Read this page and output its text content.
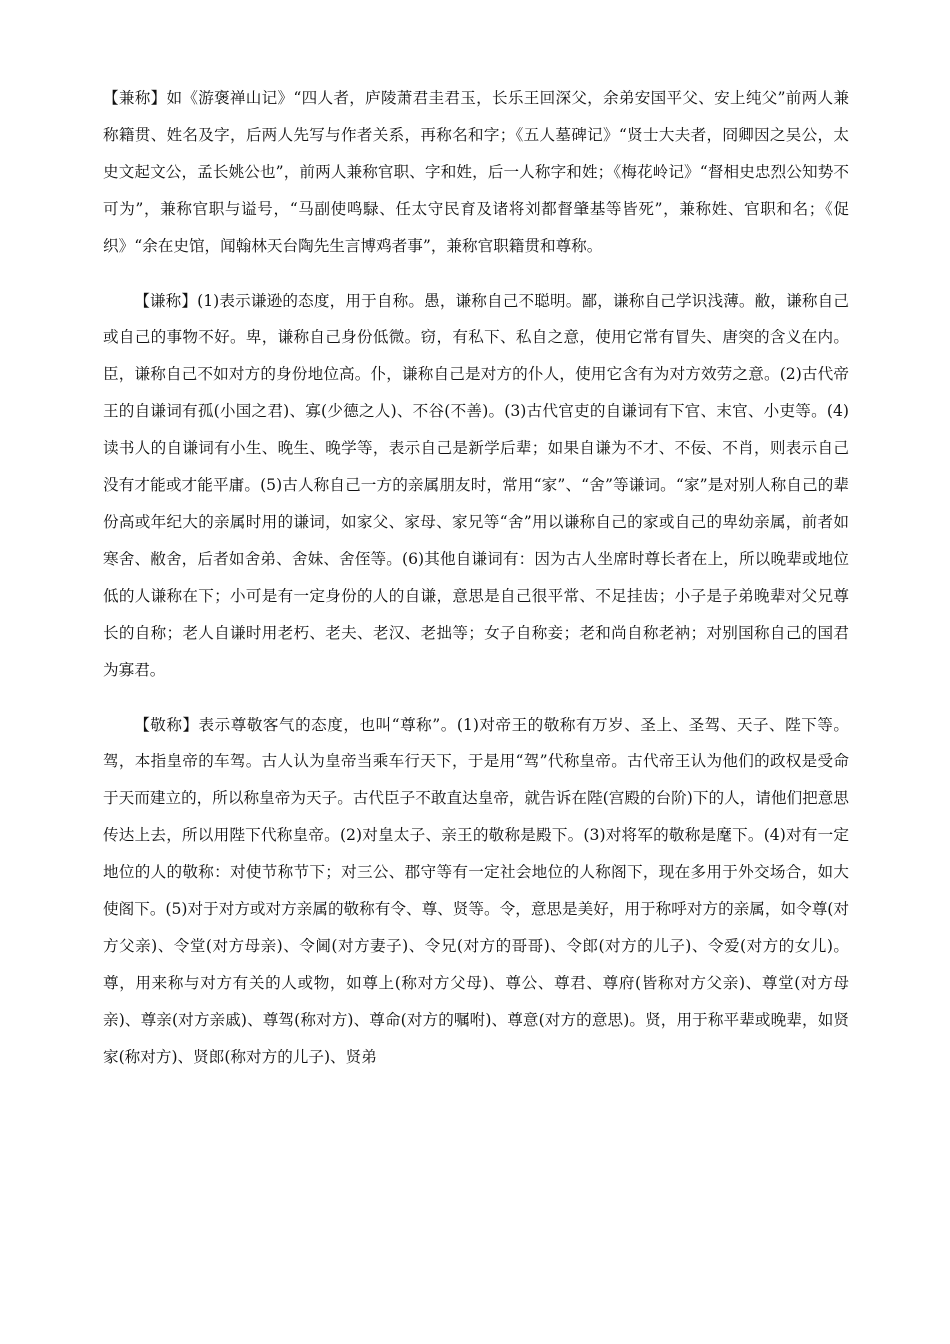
【兼称】如《游褒禅山记》“四人者，庐陵萧君圭君玉，长乐王回深父，余弟安国平父、安上纯父”前两人兼称籍贯、姓名及字，后两人先写与作者关系，再称名和字；《五人墓碑记》“贤士大夫者，冏卿因之吴公，太史文起文公，孟长姚公也”，前两人兼称官职、字和姓，后一人称字和姓；《梅花岭记》“督相史忠烈公知势不可为”，兼称官职与谥号，“马副使鸣騄、任太守民育及诸将刘都督肇基等皆死”，兼称姓、官职和名；《促织》“余在史馆，闻翰林天台陶先生言博鸡者事”，兼称官职籍贯和尊称。

【谦称】(1)表示谦逊的态度，用于自称。愚，谦称自己不聪明。鄙，谦称自己学识浅薄。敝，谦称自己或自己的事物不好。卑，谦称自己身份低微。窃，有私下、私自之意，使用它常有冒失、唐突的含义在内。臣，谦称自己不如对方的身份地位高。仆，谦称自己是对方的仆人，使用它含有为对方效劳之意。(2)古代帝王的自谦词有孤(小国之君)、寡(少德之人)、不谷(不善)。(3)古代官吏的自谦词有下官、末官、小吏等。(4)读书人的自谦词有小生、晚生、晚学等，表示自己是新学后辈；如果自谦为不才、不佞、不肖，则表示自己没有才能或才能平庸。(5)古人称自己一方的亲属朋友时，常用“家”、“舍”等谦词。“家”是对别人称自己的辈份高或年纪大的亲属时用的谦词，如家父、家母、家兄等“舍”用以谦称自己的家或自己的卑幼亲属，前者如寒舍、敝舍，后者如舍弟、舍妹、舍侄等。(6)其他自谦词有：因为古人坐席时尊长者在上，所以晚辈或地位低的人谦称在下；小可是有一定身份的人的自谦，意思是自己很平常、不足挂齿；小子是子弟晚辈对父兄尊长的自称；老人自谦时用老朽、老夫、老汉、老拙等；女子自称妾；老和尚自称老衲；对别国称自己的国君为寡君。

【敬称】表示尊敬客气的态度，也叫“尊称”。(1)对帝王的敬称有万岁、圣上、圣驾、天子、陛下等。驾，本指皇帝的车驾。古人认为皇帝当乘车行天下，于是用“驾”代称皇帝。古代帝王认为他们的政权是受命于天而建立的，所以称皇帝为天子。古代臣子不敢直达皇帝，就告诉在陛(宫殿的台阶)下的人，请他们把意思传达上去，所以用陛下代称皇帝。(2)对皇太子、亲王的敬称是殿下。(3)对将军的敬称是麾下。(4)对有一定地位的人的敬称：对使节称节下；对三公、郡守等有一定社会地位的人称阁下，现在多用于外交场合，如大使阁下。(5)对于对方或对方亲属的敬称有令、尊、贤等。令，意思是美好，用于称呼对方的亲属，如令尊(对方父亲)、令堂(对方母亲)、令阃(对方妻子)、令兄(对方的哥哥)、令郎(对方的儿子)、令爱(对方的女儿)。尊，用来称与对方有关的人或物，如尊上(称对方父母)、尊公、尊君、尊府(皆称对方父亲)、尊堂(对方母亲)、尊亲(对方亲戚)、尊驾(称对方)、尊命(对方的嘱咐)、尊意(对方的意思)。贤，用于称平辈或晚辈，如贤家(称对方)、贤郎(称对方的儿子)、贤弟
